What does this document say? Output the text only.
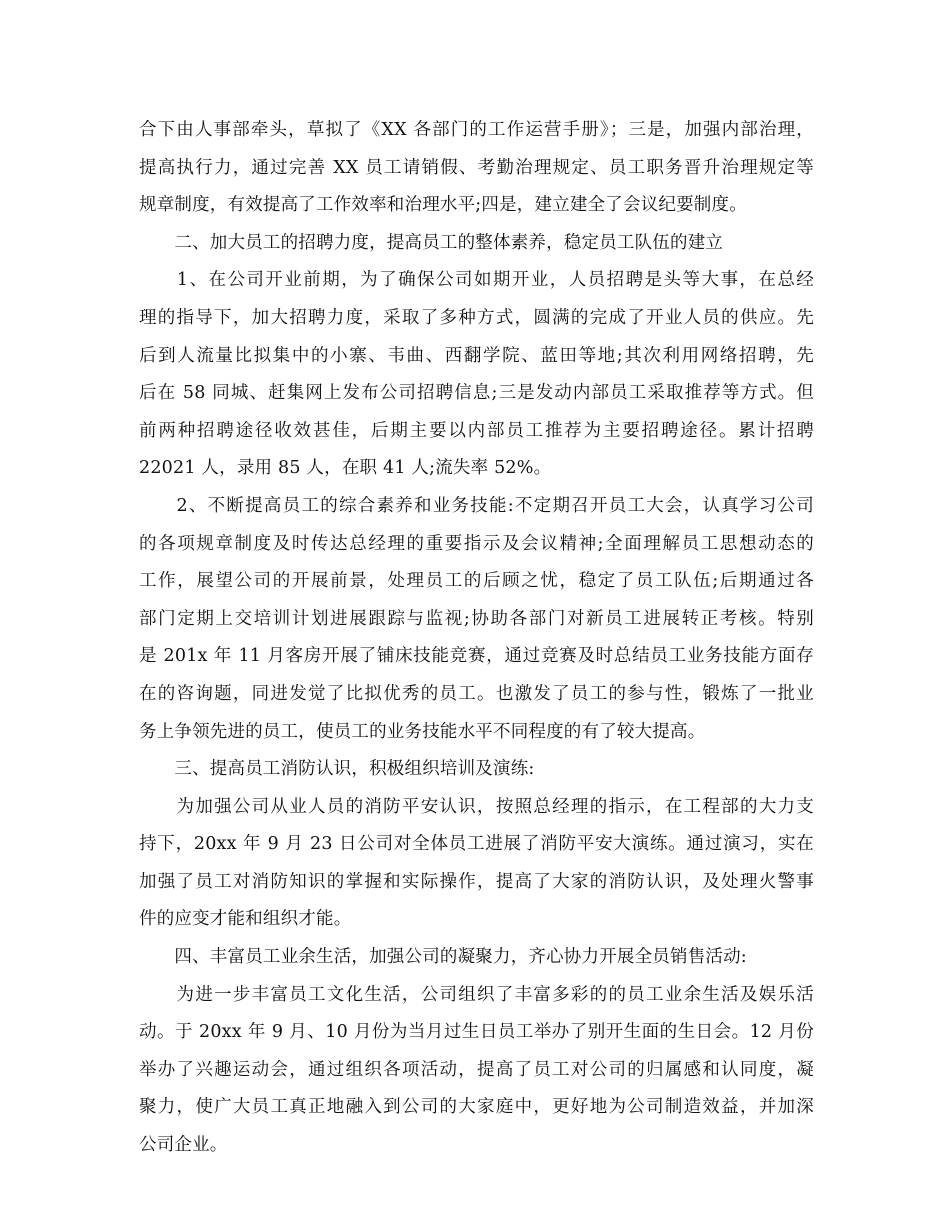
合下由人事部牵头，草拟了《XX 各部门的工作运营手册》；三是，加强内部治理，
提高执行力，通过完善 XX 员工请销假、考勤治理规定、员工职务晋升治理规定等
规章制度，有效提高了工作效率和治理水平;四是，建立建全了会议纪要制度。
　　二、加大员工的招聘力度，提高员工的整体素养，稳定员工队伍的建立
　　1、在公司开业前期，为了确保公司如期开业，人员招聘是头等大事，在总经
理的指导下，加大招聘力度，采取了多种方式，圆满的完成了开业人员的供应。先
后到人流量比拟集中的小寨、韦曲、西翻学院、蓝田等地;其次利用网络招聘，先
后在 58 同城、赶集网上发布公司招聘信息;三是发动内部员工采取推荐等方式。但
前两种招聘途径收效甚佳，后期主要以内部员工推荐为主要招聘途径。累计招聘
22021 人，录用 85 人，在职 41 人;流失率 52%。
　　2、不断提高员工的综合素养和业务技能:不定期召开员工大会，认真学习公司
的各项规章制度及时传达总经理的重要指示及会议精神;全面理解员工思想动态的
工作，展望公司的开展前景，处理员工的后顾之忧，稳定了员工队伍;后期通过各
部门定期上交培训计划进展跟踪与监视;协助各部门对新员工进展转正考核。特别
是 201x 年 11 月客房开展了铺床技能竞赛，通过竞赛及时总结员工业务技能方面存
在的咨询题，同进发觉了比拟优秀的员工。也激发了员工的参与性，锻炼了一批业
务上争领先进的员工，使员工的业务技能水平不同程度的有了较大提高。
　　三、提高员工消防认识，积极组织培训及演练:
　　为加强公司从业人员的消防平安认识，按照总经理的指示，在工程部的大力支
持下，20xx 年 9 月 23 日公司对全体员工进展了消防平安大演练。通过演习，实在
加强了员工对消防知识的掌握和实际操作，提高了大家的消防认识，及处理火警事
件的应变才能和组织才能。
　　四、丰富员工业余生活，加强公司的凝聚力，齐心协力开展全员销售活动:
　　为进一步丰富员工文化生活，公司组织了丰富多彩的的员工业余生活及娱乐活
动。于 20xx 年 9 月、10 月份为当月过生日员工举办了别开生面的生日会。12 月份
举办了兴趣运动会，通过组织各项活动，提高了员工对公司的归属感和认同度，凝
聚力，使广大员工真正地融入到公司的大家庭中，更好地为公司制造效益，并加深
公司企业。
